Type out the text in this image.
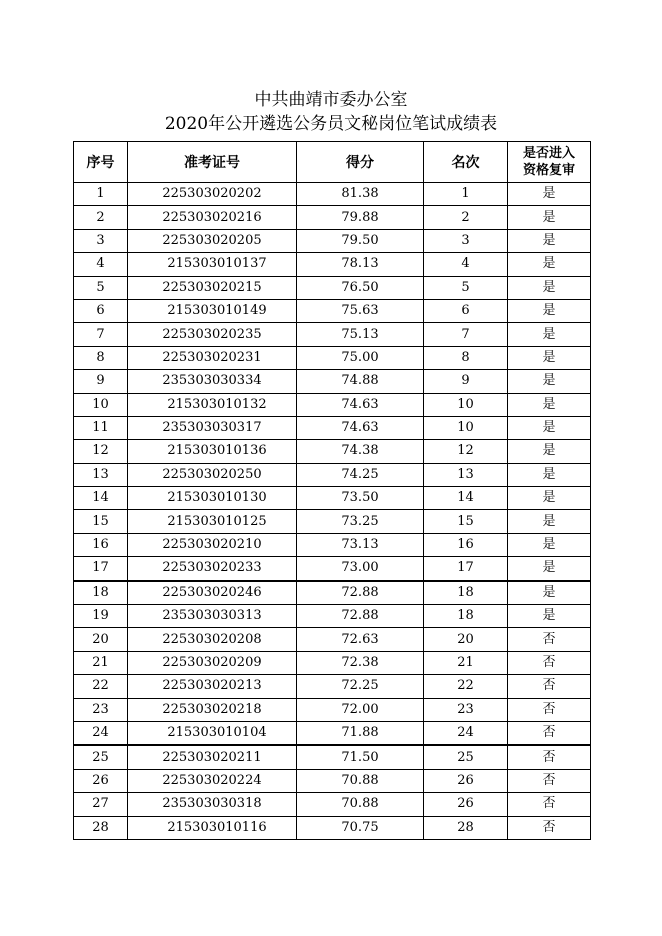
中共曲靖市委办公室
2020年公开遴选公务员文秘岗位笔试成绩表
序号	准考证号	得分	名次	是否进入
资格复审

1	225303020202	81.38	1	是
2	225303020216	79.88	2	是
3	225303020205	79.50	3	是
4	215303010137	78.13	4	是
5	225303020215	76.50	5	是
6	215303010149	75.63	6	是
7	225303020235	75.13	7	是
8	225303020231	75.00	8	是
9	235303030334	74.88	9	是
10	215303010132	74.63	10	是
11	235303030317	74.63	10	是
12	215303010136	74.38	12	是
13	225303020250	74.25	13	是
14	215303010130	73.50	14	是
15	215303010125	73.25	15	是
16	225303020210	73.13	16	是
17	225303020233	73.00	17	是
18	225303020246	72.88	18	是
19	235303030313	72.88	18	是
20	225303020208	72.63	20	否
21	225303020209	72.38	21	否
22	225303020213	72.25	22	否
23	225303020218	72.00	23	否
24	215303010104	71.88	24	否
25	225303020211	71.50	25	否
26	225303020224	70.88	26	否
27	235303030318	70.88	26	否
28	215303010116	70.75	28	否
